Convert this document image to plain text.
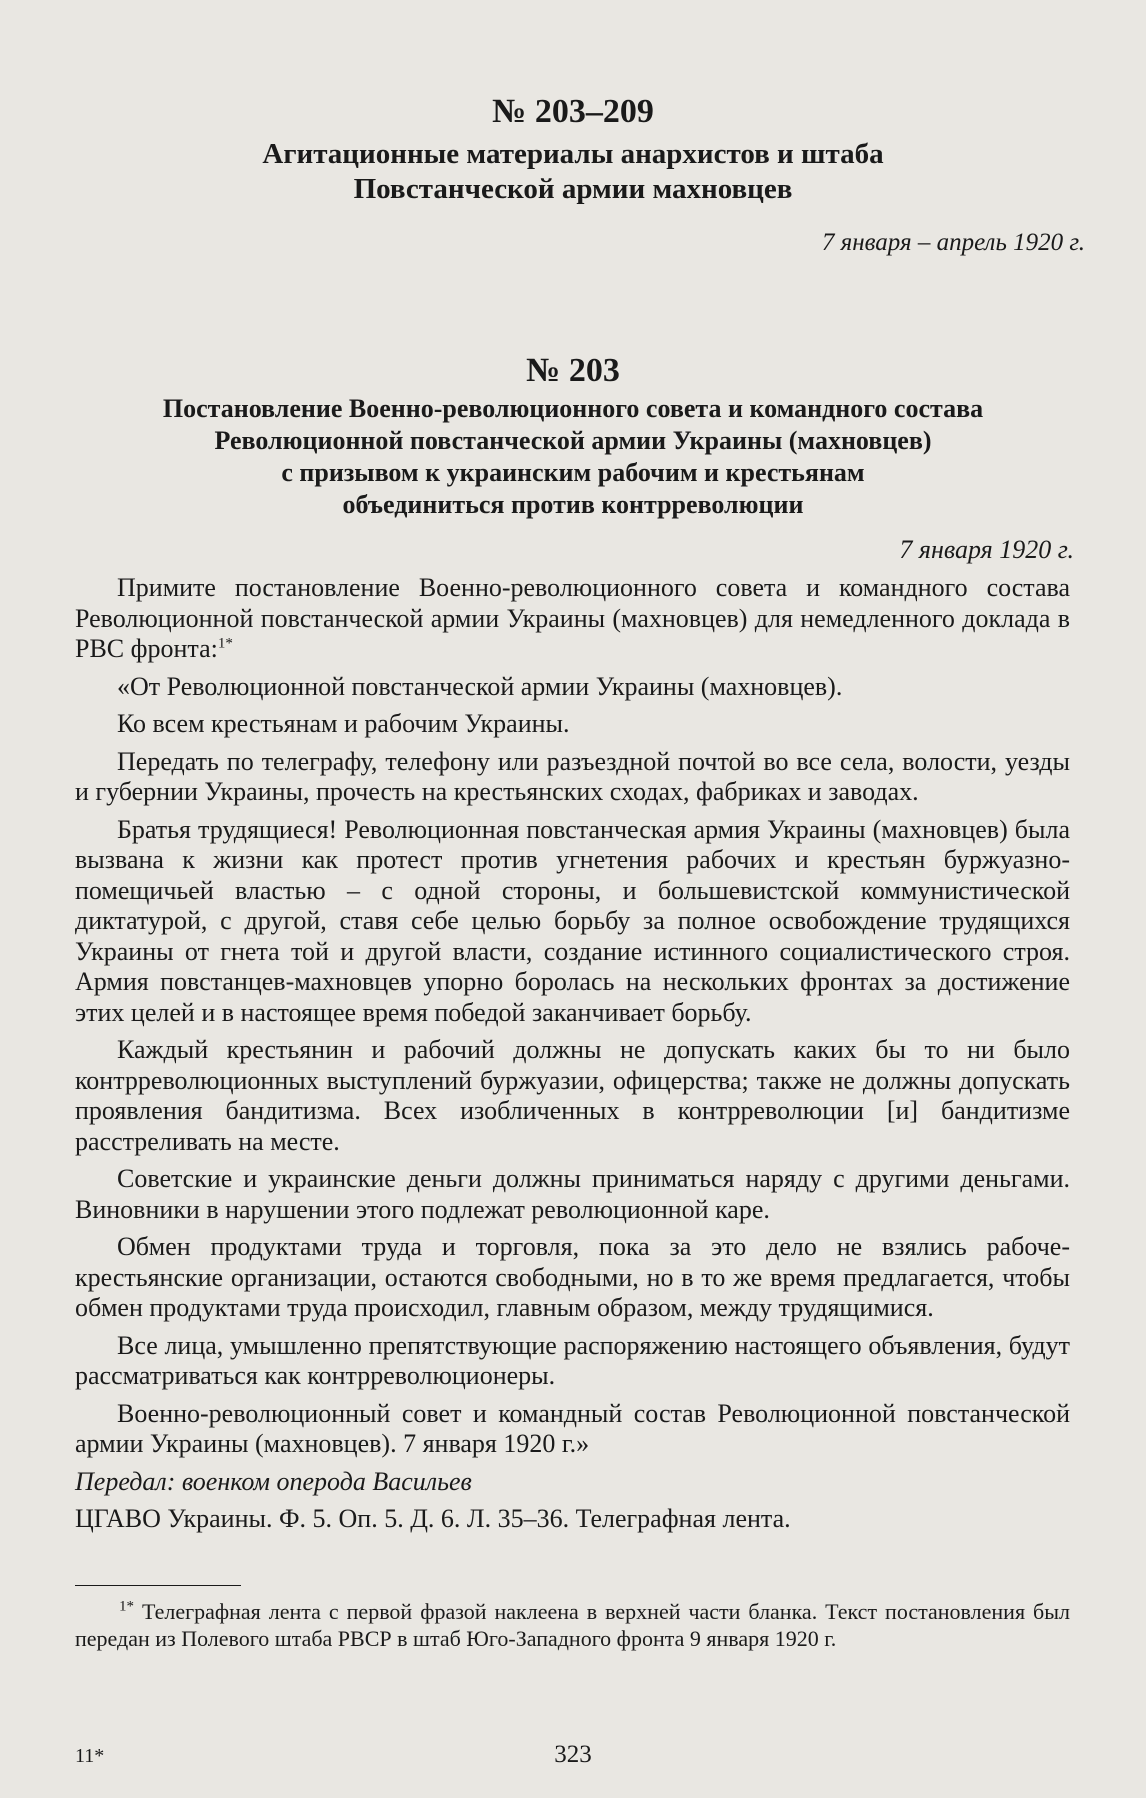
№ 203–209
Агитационные материалы анархистов и штаба
Повстанческой армии махновцев
7 января – апрель 1920 г.
№ 203
Постановление Военно-революционного совета и командного состава
Революционной повстанческой армии Украины (махновцев)
с призывом к украинским рабочим и крестьянам
объединиться против контрреволюции
7 января 1920 г.

Примите постановление Военно-революционного совета и командного состава Революционной повстанческой армии Украины (махновцев) для немедленного доклада в РВС фронта:$^{1*}$

«От Революционной повстанческой армии Украины (махновцев).

Ко всем крестьянам и рабочим Украины.

Передать по телеграфу, телефону или разъездной почтой во все села, волости, уезды и губернии Украины, прочесть на крестьянских сходах, фабриках и заводах.

Братья трудящиеся! Революционная повстанческая армия Украины (махновцев) была вызвана к жизни как протест против угнетения рабочих и крестьян буржуазно-помещичьей властью – с одной стороны, и большевистской коммунистической диктатурой, с другой, ставя себе целью борьбу за полное освобождение трудящихся Украины от гнета той и другой власти, создание истинного социалистического строя. Армия повстанцев-махновцев упорно боролась на нескольких фронтах за достижение этих целей и в настоящее время победой заканчивает борьбу.

Каждый крестьянин и рабочий должны не допускать каких бы то ни было контрреволюционных выступлений буржуазии, офицерства; также не должны допускать проявления бандитизма. Всех изобличенных в контрреволюции [и] бандитизме расстреливать на месте.

Советские и украинские деньги должны приниматься наряду с другими деньгами. Виновники в нарушении этого подлежат революционной каре.

Обмен продуктами труда и торговля, пока за это дело не взялись рабоче-крестьянские организации, остаются свободными, но в то же время предлагается, чтобы обмен продуктами труда происходил, главным образом, между трудящимися.

Все лица, умышленно препятствующие распоряжению настоящего объявления, будут рассматриваться как контрреволюционеры.

Военно-революционный совет и командный состав Революционной повстанческой армии Украины (махновцев). 7 января 1920 г.»

Передал: военком оперода Васильев

ЦГАВО Украины. Ф. 5. Оп. 5. Д. 6. Л. 35–36. Телеграфная лента.

$^{1*}$ Телеграфная лента с первой фразой наклеена в верхней части бланка. Текст постановления был передан из Полевого штаба РВСР в штаб Юго-Западного фронта 9 января 1920 г.

11*	323
